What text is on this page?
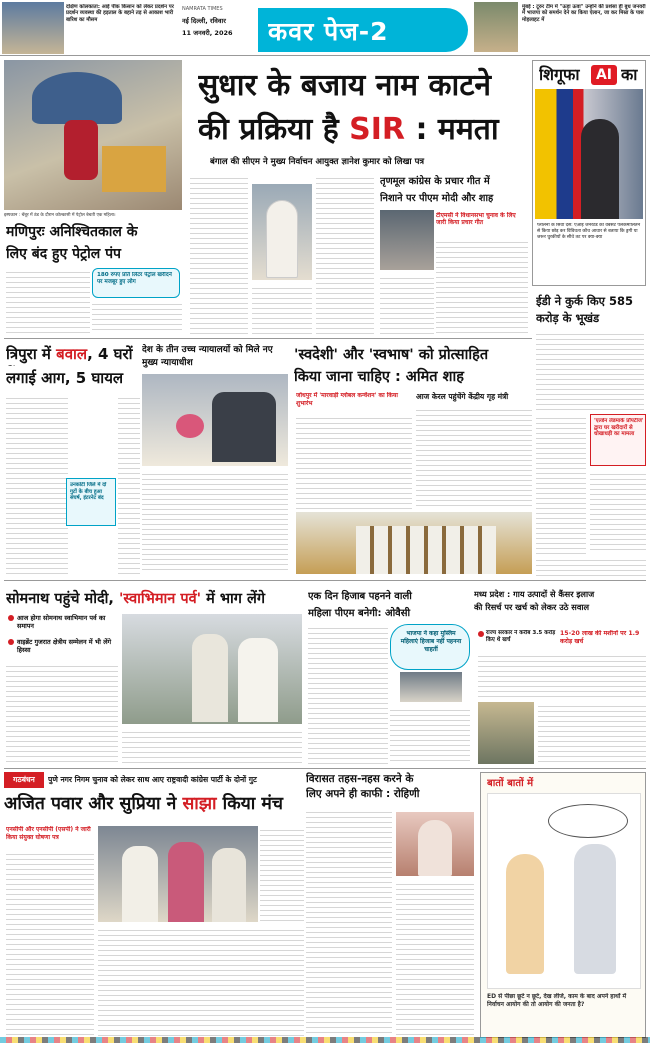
दक्षिण कोलकाता: आई पीक किसान को लेकर प्रदर्शन पर प्रदर्शन व्यवस्था की हड़ताल के बहाने तड़ से आकाश भारी बारिश का मौसम
NAMRATA TIMES
नई दिल्ली, रविवार
11 जनवरी, 2026	कवर पेज-2
मुंबई : टूरुर टीम में "ऊहा ऊवा" उन्होंने की प्रशंसा ही बुध जनवरी में भाजपा को समर्थन देने का किया ऐलान, जा कर मिस्रा के पास मोहलाहट में
इस्पकान : चेंबूर में ठंड के दौरान कोल्कासी में पेट्रोल बेचती एक महिला।
सुधार के बजाय नाम काटने
की प्रक्रिया है SIR : ममता
बंगाल की सीएम ने मुख्य निर्वाचन आयुक्त ज्ञानेश कुमार को लिखा पत्र
तृणमूल कांग्रेस के प्रचार गीत में
निशाने पर पीएम मोदी और शाह
टीएमसी ने विधानसभा चुनाव के लिए जारी किया प्रचार गीत
शिगूफा	AI का
प्लालनो के सिवा देस: एआई जेनरेटेड का वेबसेंट पलकमालितेन से किया छोड़ कर विविधता कौथ आधार से बताया कि ड्रगी या जरूर घुरकीयों के सीधे तट पर क्या-क्या
ईडी ने कुर्क किए 585
करोड़ के भूखंड
'एल्डेन लेंडमार्क प्रॉपर्टीज' द्वारा घर खरीदारों से धोखाधड़ी का मामला
मणिपुरः अनिश्चितकाल के
लिए बंद हुए पेट्रोल पंप
180 रुपए प्रति लिटर पेट्रोल खरीदने पर मजबूर हुए लोग
त्रिपुरा में बवाल, 4 घरों
लगाई आग, 5 घायल
उनकोटी जिले में दो गुटों के बीच हुआ संघर्ष, इंटरनेट बंद
देश के तीन उच्च न्यायालयों को मिले नए मुख्य न्यायाधीश	'स्वदेशी' और 'स्वभाष' को प्रोत्साहित
किया जाना चाहिए : अमित शाह
जोधपुर में 'मारवाड़ी ग्लोबल कन्वेंशन' का किया शुभारंभ
आज केरल पहुंचेंगे केंद्रीय गृह मंत्री
सोमनाथ पहुंचे मोदी, 'स्वाभिमान पर्व' में भाग लेंगे
आज होगा सोमनाथ स्वाभिमान पर्व का समापन
वाइब्रेंट गुजरात क्षेत्रीय सम्मेलन में भी लेंगे हिस्सा
एक दिन हिजाब पहनने वाली
महिला पीएम बनेगी: ओवैसी
भाजपा ने कहा मुस्लिम महिलाएं हिजाब नहीं पहनना चाहतीं
मध्य प्रदेश : गाय उत्पादों से कैंसर इलाज
की रिसर्च पर खर्च को लेकर उठे सवाल
राज्य सरकार ने करीब 3.5 करोड़ किए थे खर्च
15-20 लाख की मशीनों पर 1.9 करोड़ खर्च
विरासत तहस-नहस करने के
लिए अपने ही काफी : रोहिणी
बातों बातों में
ED से पीछा छूटे न छूटे, देख लीजे, काम के बाद अपने हाथों में निर्वाचन आयोग की तो आयोग की जनता है?
गठबंधन	पुणे नगर निगम चुनाव को लेकर साथ आए राष्ट्रवादी कांग्रेस पार्टी के दोनों गुट
अजित पवार और सुप्रिया ने साझा किया मंच
एनसीपी और एनसीपी (एसपी) ने जारी किया संयुक्त घोषणा पत्र
